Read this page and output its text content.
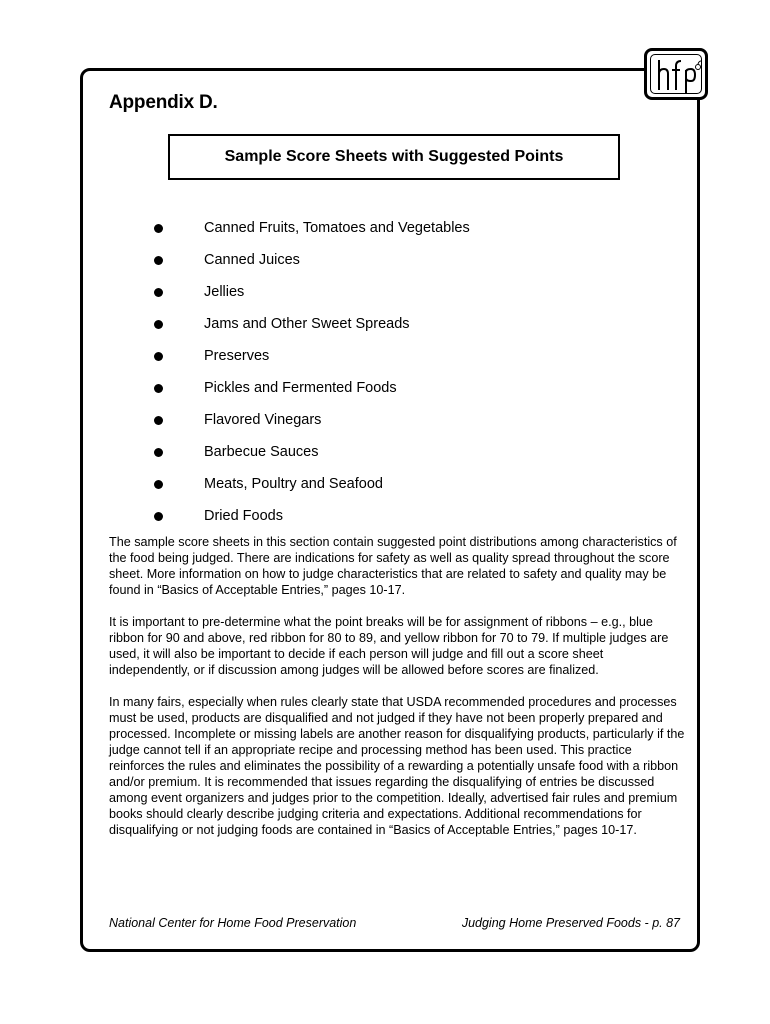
Appendix D.
Sample Score Sheets with Suggested Points
Canned Fruits, Tomatoes and Vegetables
Canned Juices
Jellies
Jams and Other Sweet Spreads
Preserves
Pickles and Fermented Foods
Flavored Vinegars
Barbecue Sauces
Meats, Poultry and Seafood
Dried Foods

The sample score sheets in this section contain suggested point distributions among characteristics of the food being judged. There are indications for safety as well as quality spread throughout the score sheet. More information on how to judge characteristics that are related to safety and quality may be found in “Basics of Acceptable Entries,” pages 10-17.

It is important to pre-determine what the point breaks will be for assignment of ribbons – e.g., blue ribbon for 90 and above, red ribbon for 80 to 89, and yellow ribbon for 70 to 79. If multiple judges are used, it will also be important to decide if each person will judge and fill out a score sheet independently, or if discussion among judges will be allowed before scores are finalized.

In many fairs, especially when rules clearly state that USDA recommended procedures and processes must be used, products are disqualified and not judged if they have not been properly prepared and processed. Incomplete or missing labels are another reason for disqualifying products, particularly if the judge cannot tell if an appropriate recipe and processing method has been used. This practice reinforces the rules and eliminates the possibility of a rewarding a potentially unsafe food with a ribbon and/or premium. It is recommended that issues regarding the disqualifying of entries be discussed among event organizers and judges prior to the competition. Ideally, advertised fair rules and premium books should clearly describe judging criteria and expectations. Additional recommendations for disqualifying or not judging foods are contained in “Basics of Acceptable Entries,” pages 10-17.

National Center for Home Food Preservation	Judging Home Preserved Foods - p. 87
